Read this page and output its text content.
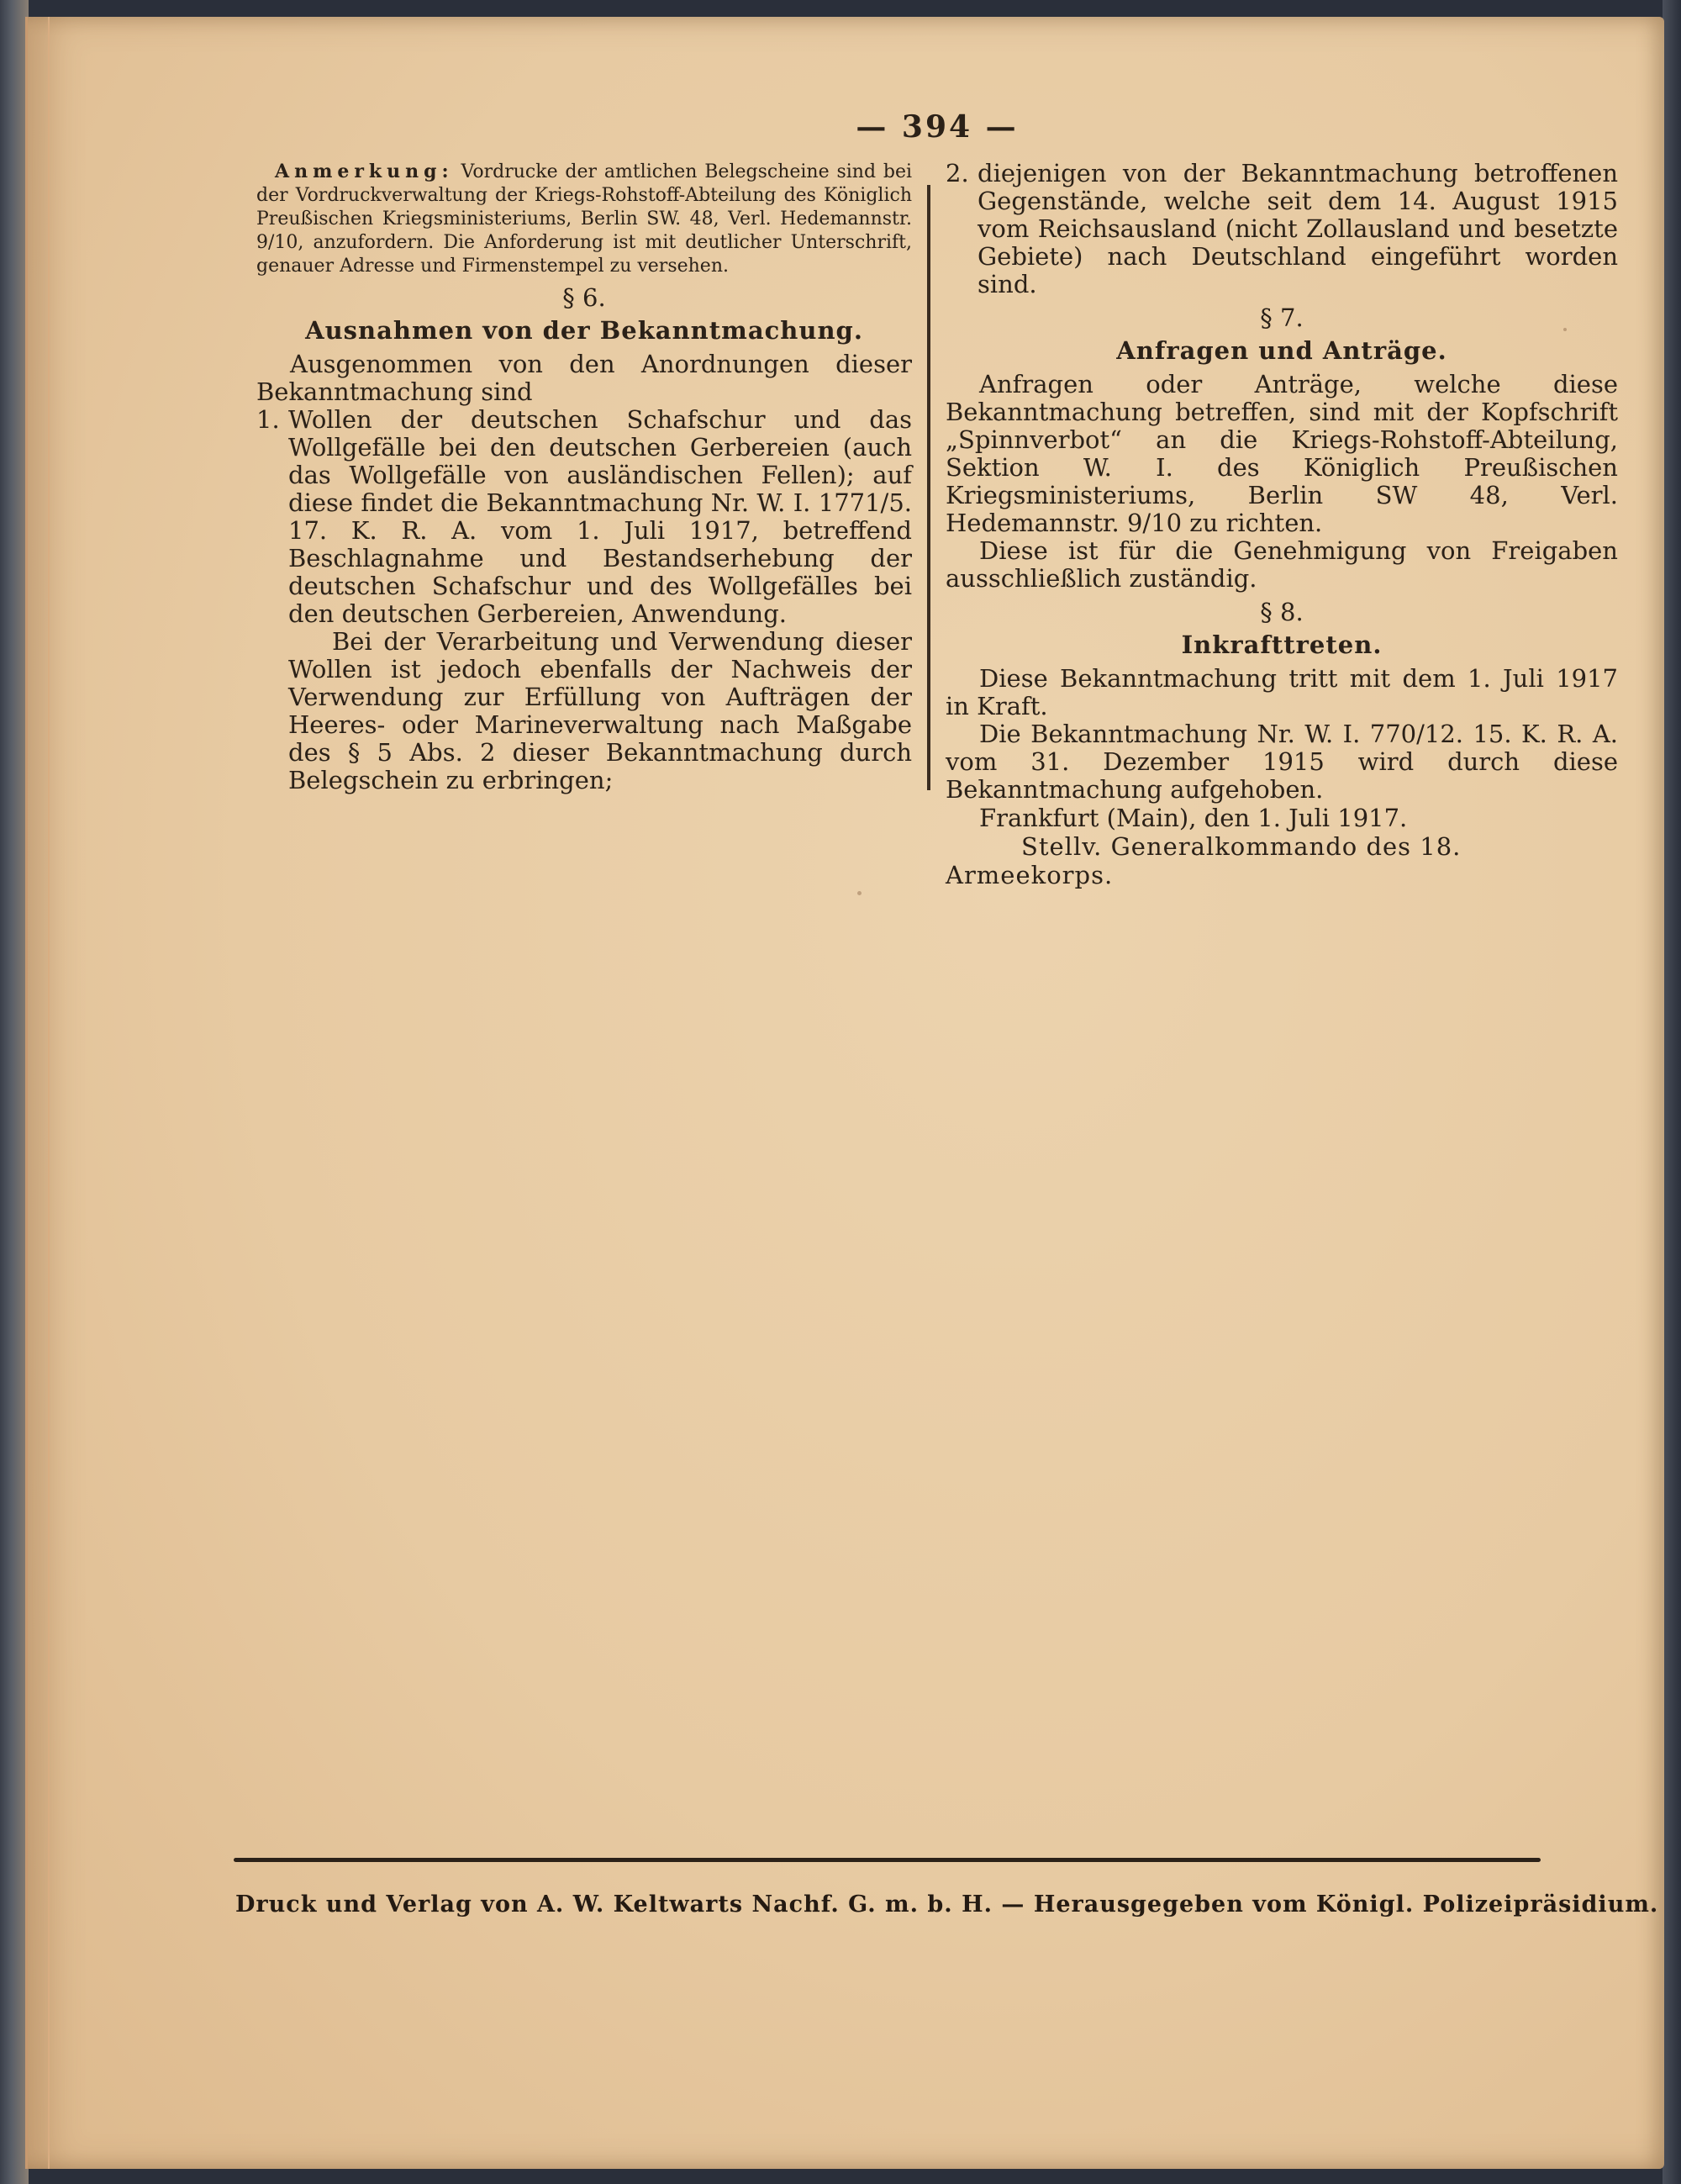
— 394 —

Anmerkung: Vordrucke der amtlichen Belegscheine sind bei der Vordruckverwaltung der Kriegs-Rohstoff-Abteilung des Königlich Preußischen Kriegsministeriums, Berlin SW. 48, Verl. Hedemannstr. 9/10, anzufordern. Die Anforderung ist mit deutlicher Unterschrift, genauer Adresse und Firmenstempel zu versehen.

§ 6.
Ausnahmen von der Bekanntmachung.

Ausgenommen von den Anordnungen dieser Bekanntmachung sind

1. Wollen der deutschen Schafschur und das Wollgefälle bei den deutschen Gerbereien (auch das Wollgefälle von ausländischen Fellen); auf diese findet die Bekanntmachung Nr. W. I. 1771/5. 17. K. R. A. vom 1. Juli 1917, betreffend Beschlagnahme und Bestandserhebung der deutschen Schafschur und des Wollgefälles bei den deutschen Gerbereien, Anwendung.

Bei der Verarbeitung und Verwendung dieser Wollen ist jedoch ebenfalls der Nachweis der Verwendung zur Erfüllung von Aufträgen der Heeres- oder Marineverwaltung nach Maßgabe des § 5 Abs. 2 dieser Bekanntmachung durch Belegschein zu erbringen;

2. diejenigen von der Bekanntmachung betroffenen Gegenstände, welche seit dem 14. August 1915 vom Reichsausland (nicht Zollausland und besetzte Gebiete) nach Deutschland eingeführt worden sind.

§ 7.
Anfragen und Anträge.

Anfragen oder Anträge, welche diese Bekanntmachung betreffen, sind mit der Kopfschrift „Spinnverbot“ an die Kriegs-Rohstoff-Abteilung, Sektion W. I. des Königlich Preußischen Kriegsministeriums, Berlin SW 48, Verl. Hedemannstr. 9/10 zu richten.

Diese ist für die Genehmigung von Freigaben ausschließlich zuständig.

§ 8.
Inkrafttreten.

Diese Bekanntmachung tritt mit dem 1. Juli 1917 in Kraft.

Die Bekanntmachung Nr. W. I. 770/12. 15. K. R. A. vom 31. Dezember 1915 wird durch diese Bekanntmachung aufgehoben.

Frankfurt (Main), den 1. Juli 1917.

Stellv. Generalkommando des 18. Armeekorps.

Druck und Verlag von A. W. Keltwarts Nachf. G. m. b. H. — Herausgegeben vom Königl. Polizeipräsidium.
